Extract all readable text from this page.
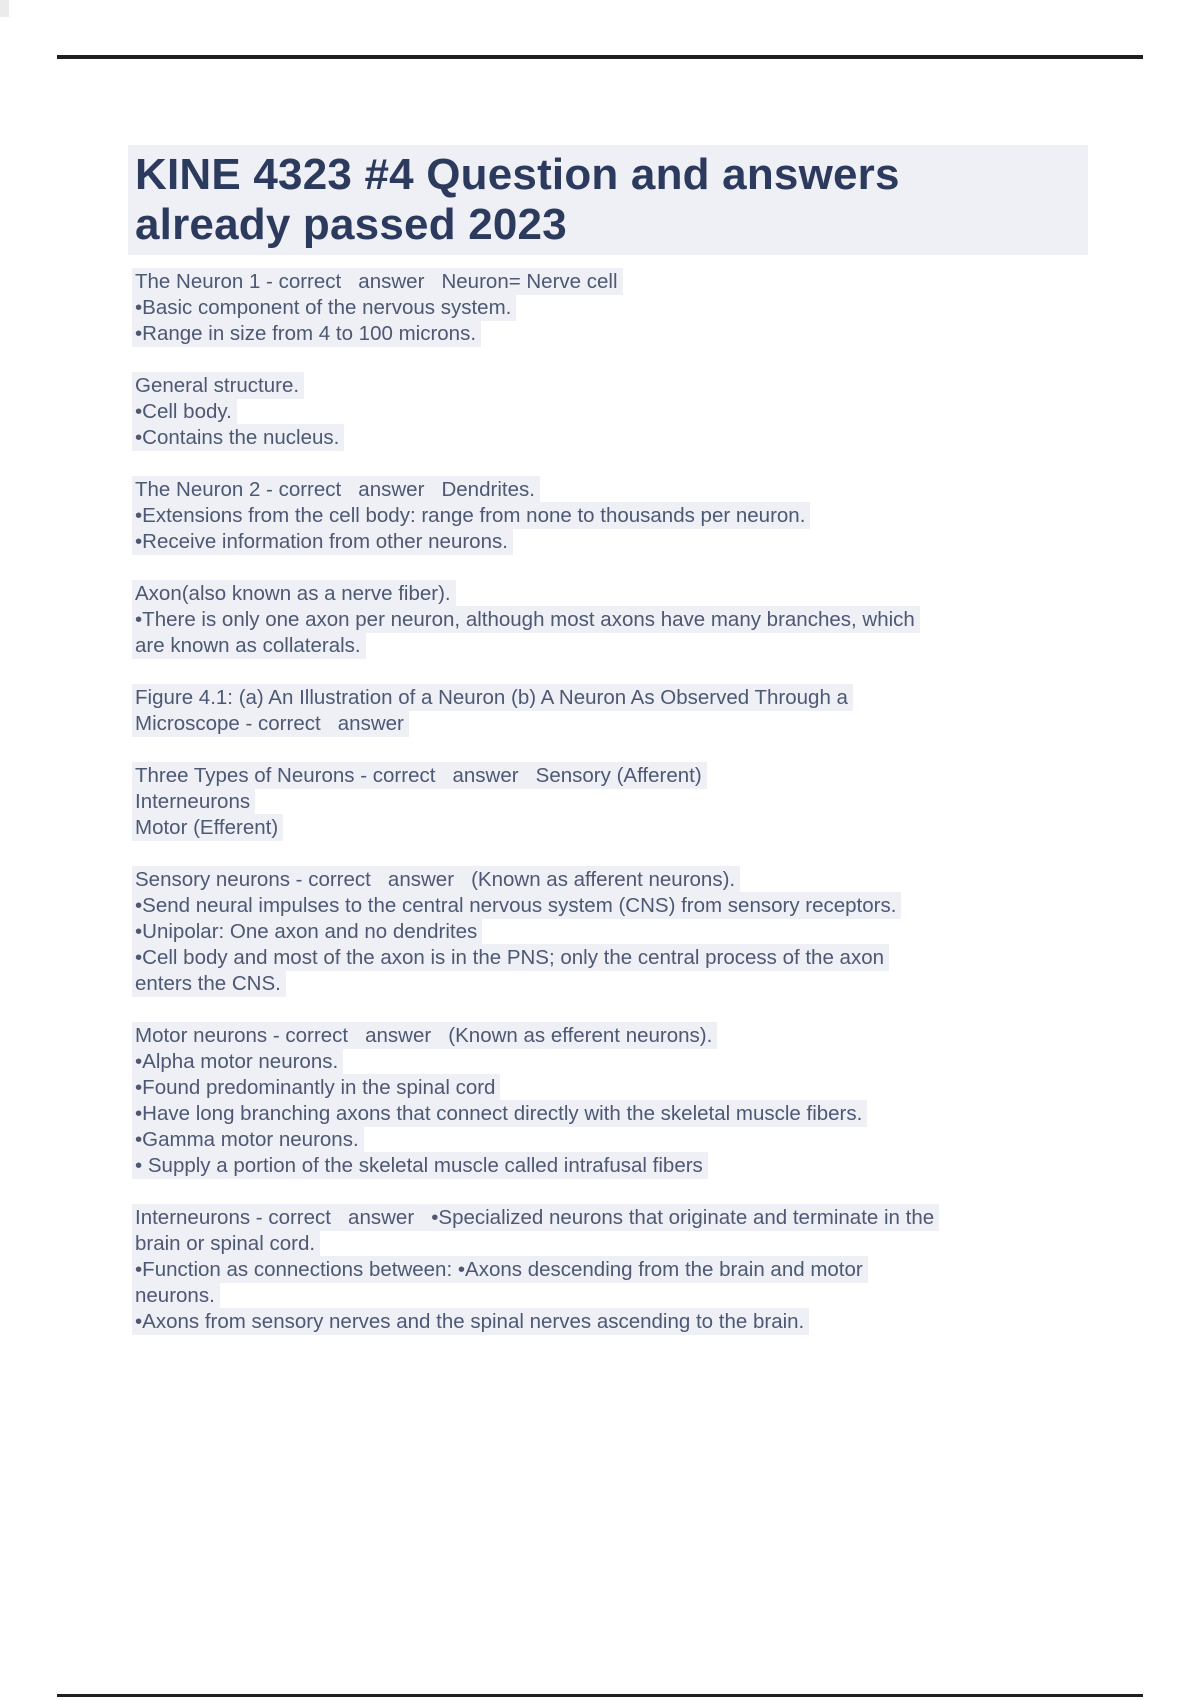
KINE 4323 #4 Question and answers
already passed 2023
The Neuron 1 - correct   answer   Neuron= Nerve cell
•Basic component of the nervous system.
•Range in size from 4 to 100 microns.
General structure.
•Cell body.
•Contains the nucleus.
The Neuron 2 - correct   answer   Dendrites.
•Extensions from the cell body: range from none to thousands per neuron.
•Receive information from other neurons.
Axon(also known as a nerve fiber).
•There is only one axon per neuron, although most axons have many branches, which
are known as collaterals.
Figure 4.1: (a) An Illustration of a Neuron (b) A Neuron As Observed Through a
Microscope - correct   answer
Three Types of Neurons - correct   answer   Sensory (Afferent)
Interneurons
Motor (Efferent)
Sensory neurons - correct   answer   (Known as afferent neurons).
•Send neural impulses to the central nervous system (CNS) from sensory receptors.
•Unipolar: One axon and no dendrites
•Cell body and most of the axon is in the PNS; only the central process of the axon
enters the CNS.
Motor neurons - correct   answer   (Known as efferent neurons).
•Alpha motor neurons.
•Found predominantly in the spinal cord
•Have long branching axons that connect directly with the skeletal muscle fibers.
•Gamma motor neurons.
• Supply a portion of the skeletal muscle called intrafusal fibers
Interneurons - correct   answer   •Specialized neurons that originate and terminate in the
brain or spinal cord.
•Function as connections between: •Axons descending from the brain and motor
neurons.
•Axons from sensory nerves and the spinal nerves ascending to the brain.
